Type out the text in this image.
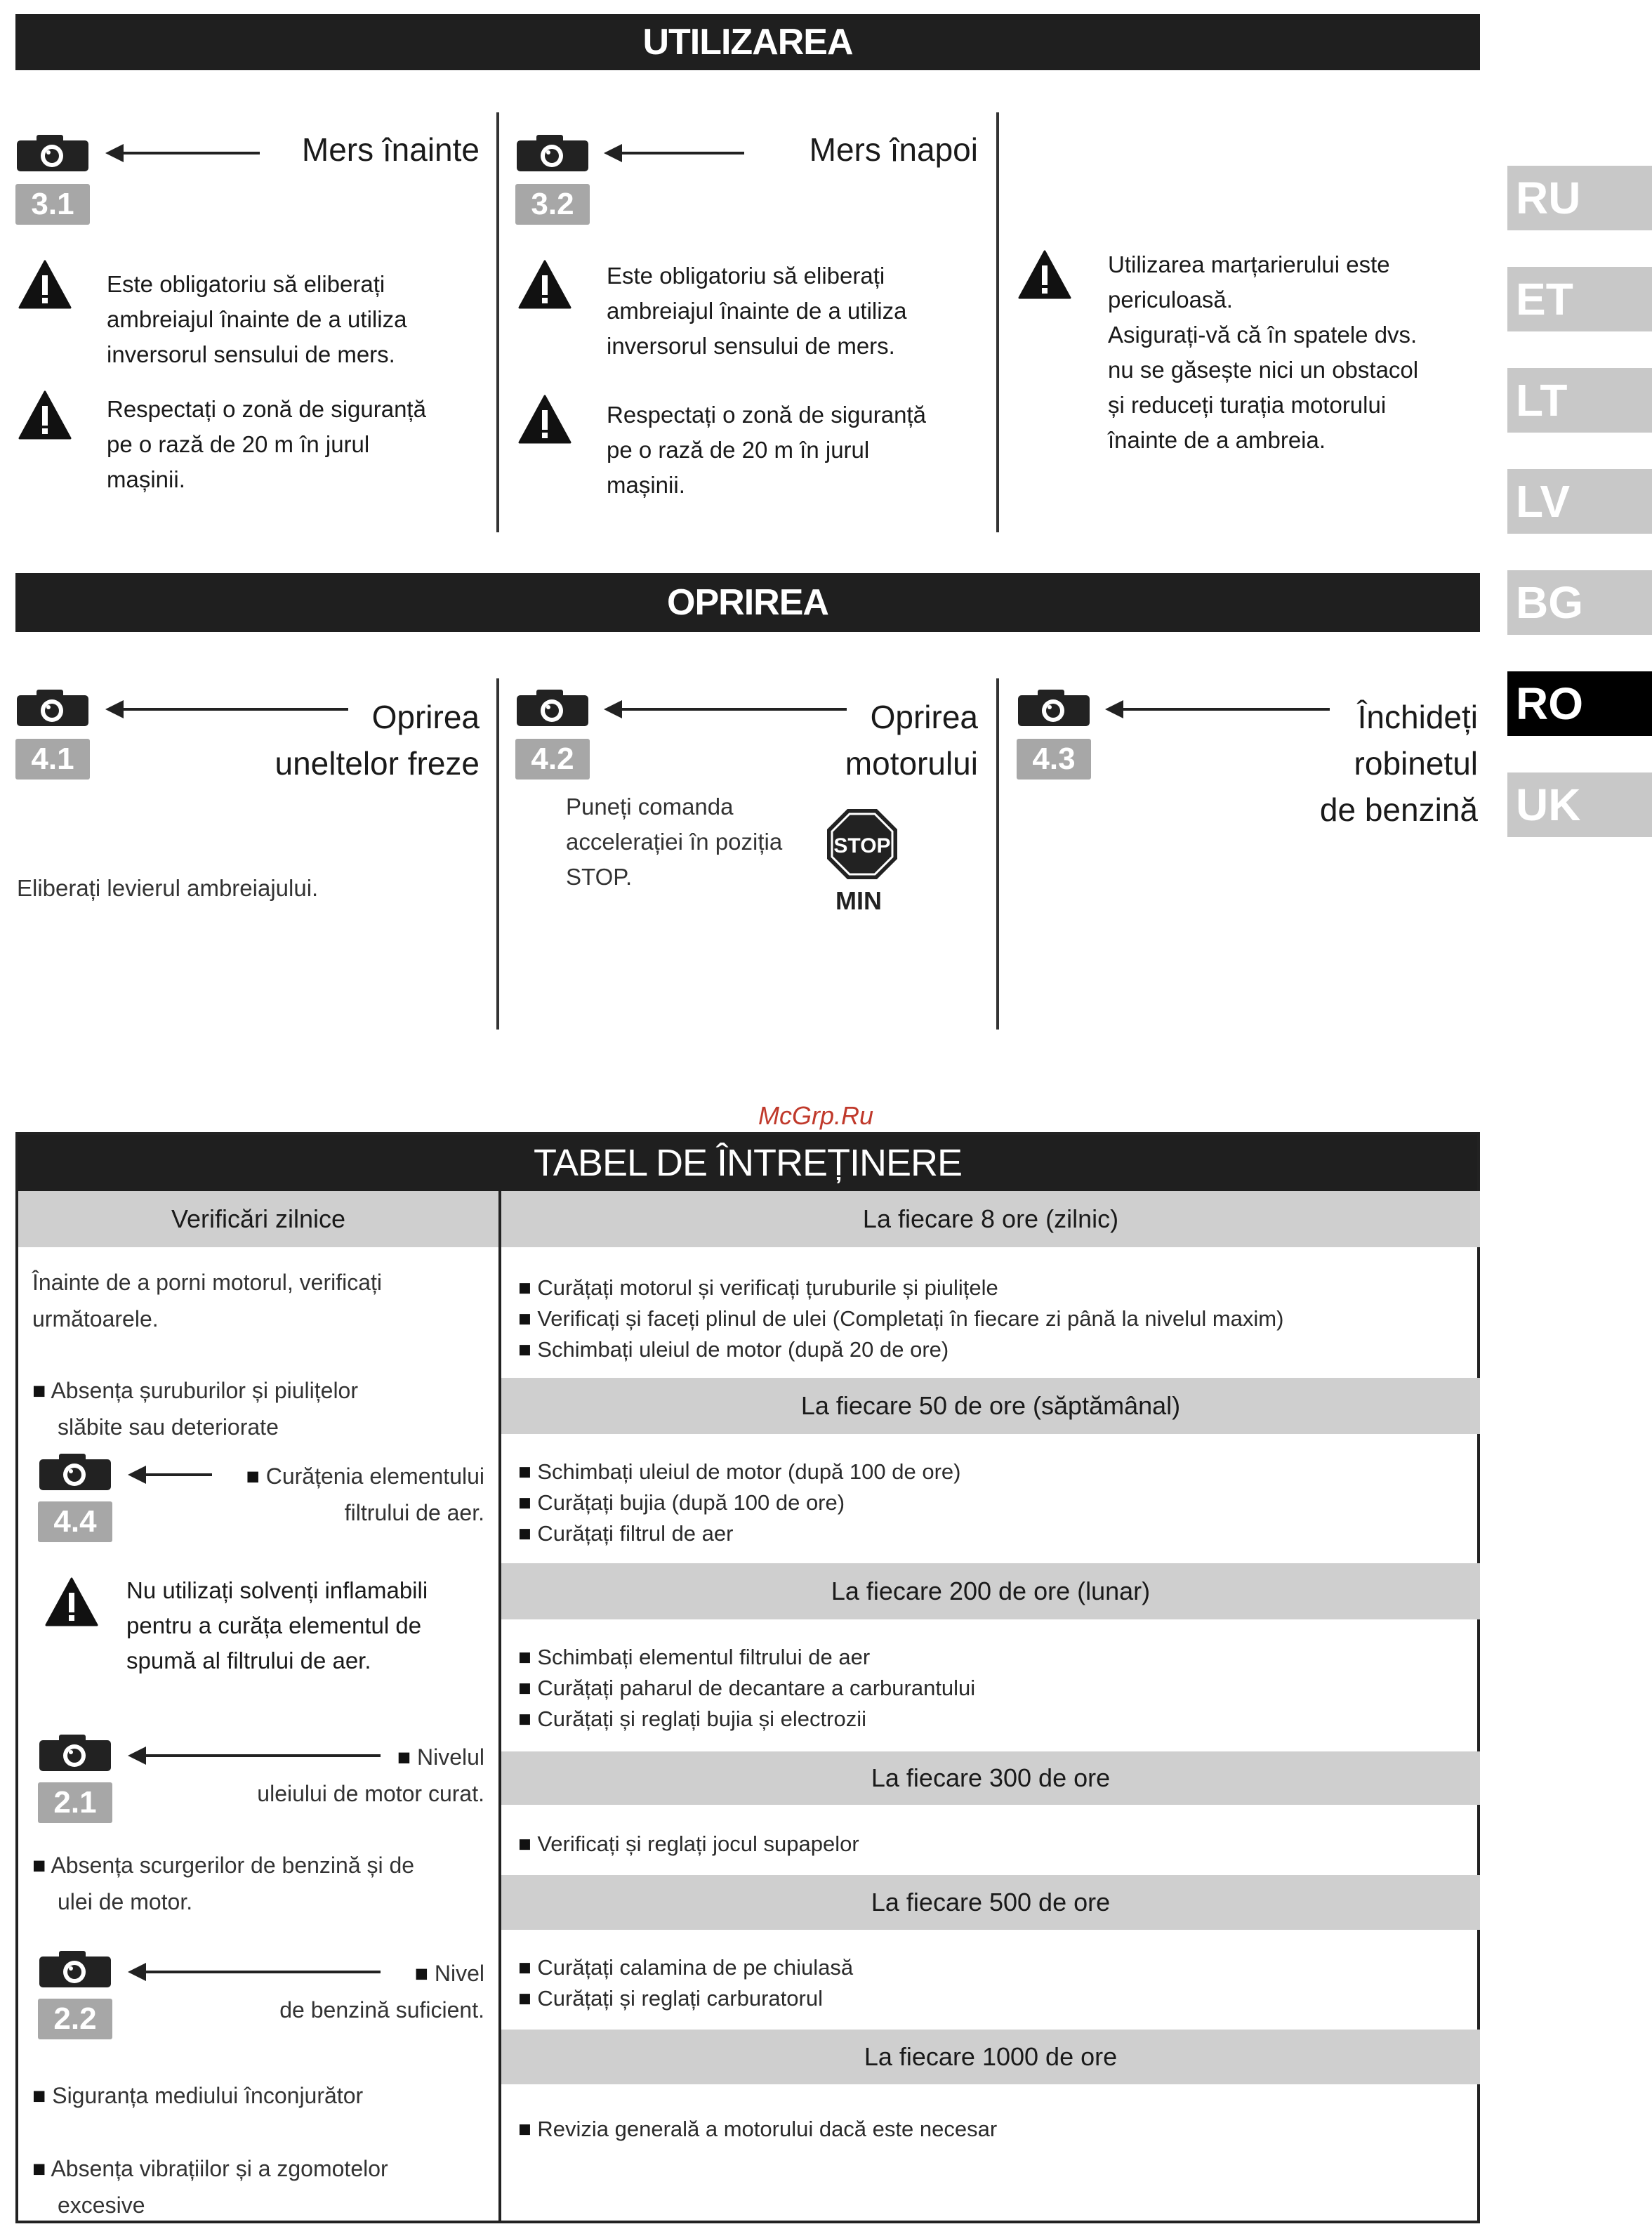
UTILIZAREA
OPRIREA
RU
ET
LT
LV
BG
RO
UK
3.1
Mers înainte
Este obligatoriu să eliberați
ambreiajul înainte de a utiliza
inversorul sensului de mers.
Respectați o zonă de siguranță
pe o rază de 20 m în jurul
mașinii.
3.2
Mers înapoi
Este obligatoriu să eliberați
ambreiajul înainte de a utiliza
inversorul sensului de mers.
Respectați o zonă de siguranță
pe o rază de 20 m în jurul
mașinii.
Utilizarea marțarierului este
periculoasă.
Asigurați-vă că în spatele dvs.
nu se găsește nici un obstacol
și reduceți turația motorului
înainte de a ambreia.
4.1
Oprirea
uneltelor freze
Eliberați levierul ambreiajului.
4.2
Oprirea
motorului
Puneți comanda
accelerației în poziția
STOP.
STOP
MIN
4.3
Închideți
robinetul
de benzină
McGrp.Ru
TABEL DE ÎNTREȚINERE
Verificări zilnice
Înainte de a porni motorul, verificați
următoarele.
■ Absența șuruburilor și piulițelor
slăbite sau deteriorate
4.4
■ Curățenia elementului
filtrului de aer.
Nu utilizați solvenți inflamabili
pentru a curăța elementul de
spumă al filtrului de aer.
2.1
■ Nivelul
uleiului de motor curat.
■ Absența scurgerilor de benzină și de
ulei de motor.
2.2
■ Nivel
de benzină suficient.
■ Siguranța mediului înconjurător
■ Absența vibrațiilor și a zgomotelor
excesive
La fiecare 8 ore (zilnic)
■ Curățați motorul și verificați țuruburile și piulițele
■ Verificați și faceți plinul de ulei (Completați în fiecare zi până la nivelul maxim)
■ Schimbați uleiul de motor (după 20 de ore)
La fiecare 50 de ore (săptămânal)
■ Schimbați uleiul de motor (după 100 de ore)
■ Curățați bujia (după 100 de ore)
■ Curățați filtrul de aer
La fiecare 200 de ore (lunar)
■ Schimbați elementul filtrului de aer
■ Curățați paharul de decantare a carburantului
■ Curățați și reglați bujia și electrozii
La fiecare 300 de ore
■ Verificați și reglați jocul supapelor
La fiecare 500 de ore
■ Curățați calamina de pe chiulasă
■ Curățați și reglați carburatorul
La fiecare 1000 de ore
■ Revizia generală a motorului dacă este necesar
